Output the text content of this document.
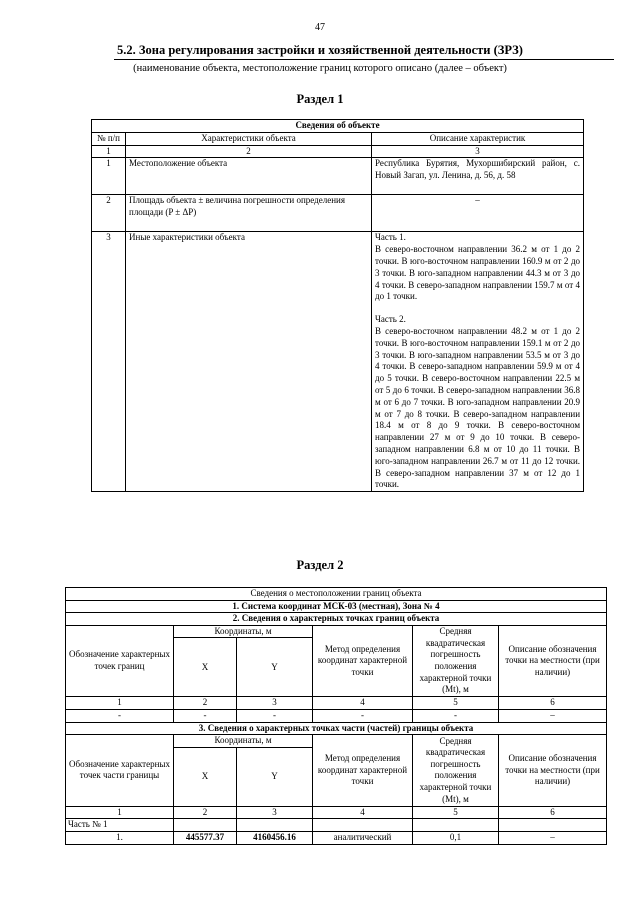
47
5.2. Зона регулирования застройки и хозяйственной деятельности (ЗРЗ)
(наименование объекта, местоположение границ которого описано (далее – объект)
Раздел 1
Сведения об объекте		
№ п/п	Характеристики объекта	Описание характеристик
1	2	3
1	Местоположение объекта	Республика Бурятия, Мухоршибирский район, с. Новый Загап, ул. Ленина, д. 56, д. 58
2	Площадь объекта ± величина погрешности определения площади (P ± ΔP)	–
3	Иные характеристики объекта	Часть 1.
В северо-восточном направлении 36.2 м от 1 до 2 точки. В юго-восточном направлении 160.9 м от 2 до 3 точки. В юго-западном направлении 44.3 м от 3 до 4 точки. В северо-западном направлении 159.7 м от 4 до 1 точки.
Часть 2.
В северо-восточном направлении 48.2 м от 1 до 2 точки. В юго-восточном направлении 159.1 м от 2 до 3 точки. В юго-западном направлении 53.5 м от 3 до 4 точки. В северо-западном направлении 59.9 м от 4 до 5 точки. В северо-восточном направлении 22.5 м от 5 до 6 точки. В северо-западном направлении 36.8 м от 6 до 7 точки. В юго-западном направлении 20.9 м от 7 до 8 точки. В северо-западном направлении 18.4 м от 8 до 9 точки. В северо-восточном направлении 27 м от 9 до 10 точки. В северо-западном направлении 6.8 м от 10 до 11 точки. В юго-западном направлении 26.7 м от 11 до 12 точки. В северо-западном направлении 37 м от 12 до 1 точки.
Раздел 2
Сведения о местоположении границ объекта					
1. Система координат МСК-03 (местная), Зона № 4					
2. Сведения о характерных точках границ объекта					
Обозначение характерных точек границ	Координаты, м		Метод определения координат характерной точки	Средняя квадратическая погрешность положения характерной точки (Mt), м	Описание обозначения точки на местности (при наличии)
	X	Y			
1	2	3	4	5	6
-	-	-	-	-	–
3. Сведения о характерных точках части (частей) границы объекта					
Обозначение характерных точек части границы	Координаты, м		Метод определения координат характерной точки	Средняя квадратическая погрешность положения характерной точки (Mt), м	Описание обозначения точки на местности (при наличии)
	X	Y			
1	2	3	4	5	6
Часть № 1					
1.	445577.37	4160456.16	аналитический	0,1	–
